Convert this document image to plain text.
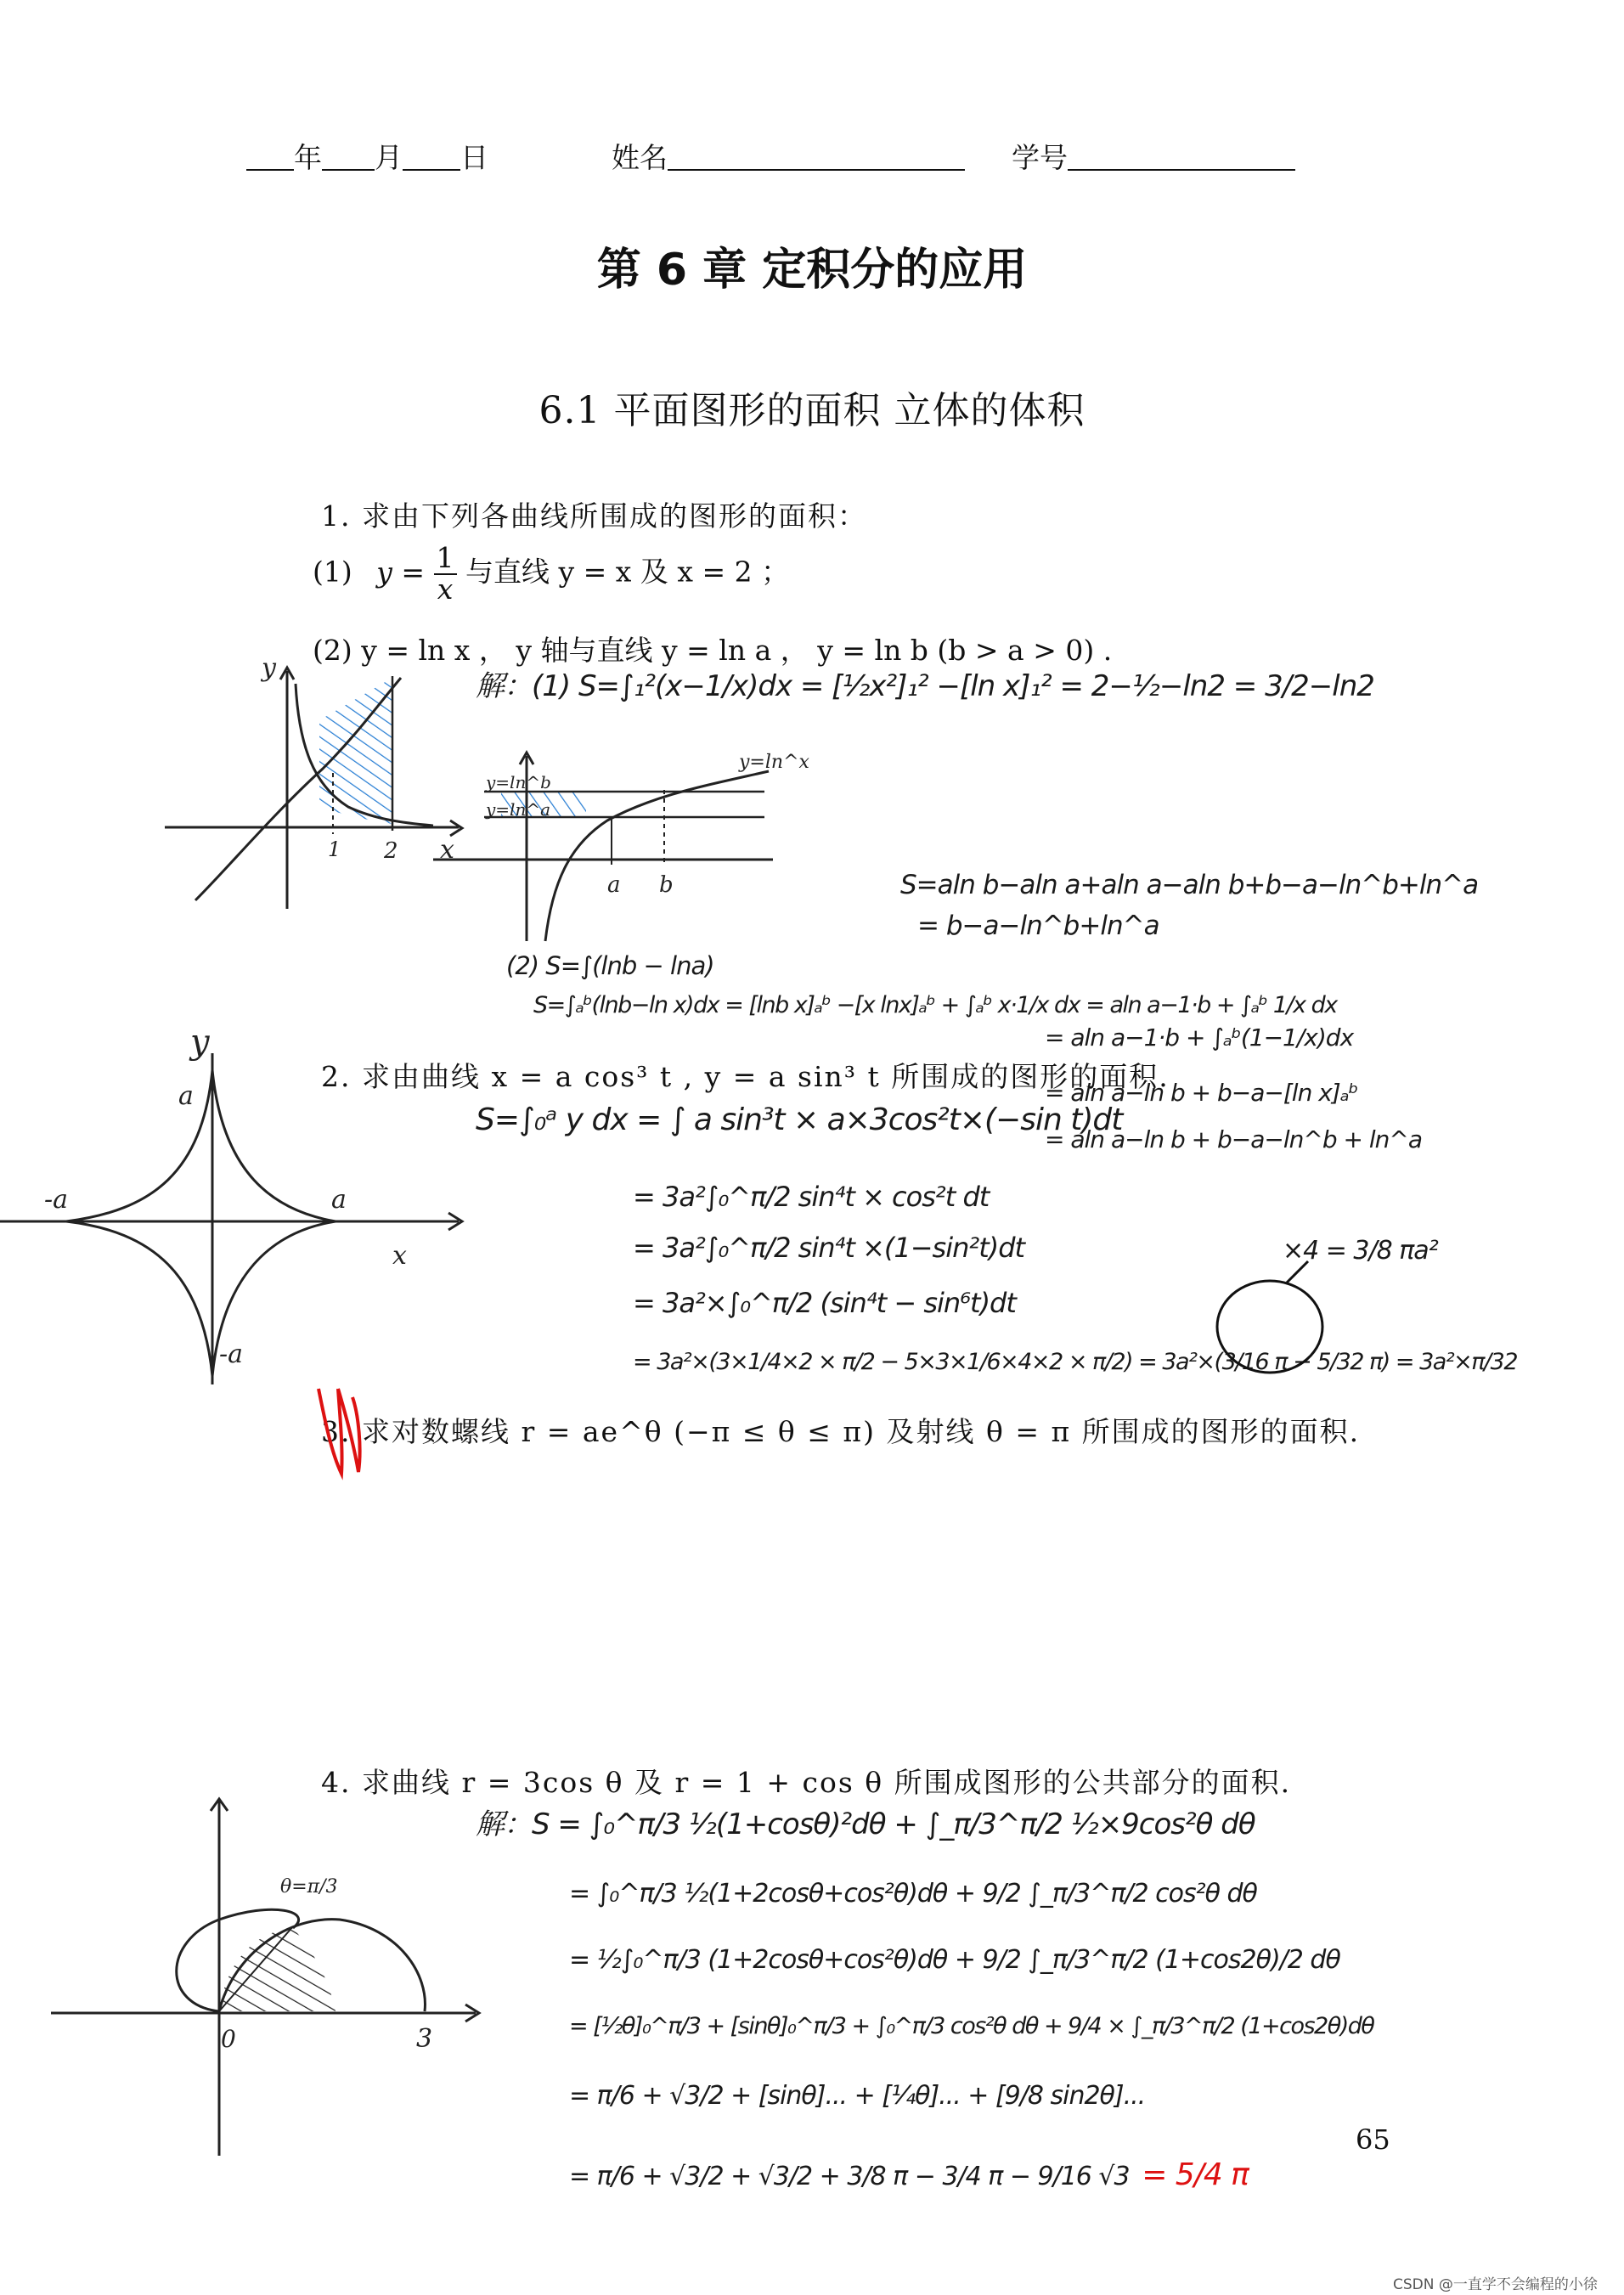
年 月 日	姓名	学号
第 6 章 定积分的应用
6.1 平面图形的面积 立体的体积
1. 求由下列各曲线所围成的图形的面积：
(1) $y = \frac{1}{x}$ 与直线 y = x 及 x = 2 ；
(2) y = ln x ， y 轴与直线 y = ln a ， y = ln b (b > a > 0) .
2. 求由曲线 x = a cos³ t , y = a sin³ t 所围成的图形的面积.
3. 求对数螺线 r = ae^θ (−π ≤ θ ≤ π) 及射线 θ = π 所围成的图形的面积.
4. 求曲线 r = 3cos θ 及 r = 1 + cos θ 所围成图形的公共部分的面积.
y
x
1 2
y=ln^b
y=ln^a
y=ln^x
a b
y
a
-a	a
-a
x
θ=π/3
0	3
解：(1) S=∫₁²(x−1/x)dx = [½x²]₁² −[ln x]₁² = 2−½−ln2 = 3/2−ln2
S=aln b−aln a+aln a−aln b+b−a−ln^b+ln^a
= b−a−ln^b+ln^a
(2) S=∫(lnb − lna)
S=∫ₐᵇ(lnb−ln x)dx = [lnb x]ₐᵇ −[x lnx]ₐᵇ + ∫ₐᵇ x·1/x dx = aln a−1·b + ∫ₐᵇ 1/x dx
= aln a−1·b + ∫ₐᵇ(1−1/x)dx
= aln a−ln b + b−a−[ln x]ₐᵇ
= aln a−ln b + b−a−ln^b + ln^a
S=∫₀ᵃ y dx = ∫ a sin³t × a×3cos²t×(−sin t)dt
= 3a²∫₀^π/2 sin⁴t × cos²t dt
= 3a²∫₀^π/2 sin⁴t ×(1−sin²t)dt
= 3a²×∫₀^π/2 (sin⁴t − sin⁶t)dt
= 3a²×(3×1/4×2 × π/2 − 5×3×1/6×4×2 × π/2) = 3a²×(3/16 π − 5/32 π) = 3a²×π/32
×4 = 3/8 πa²
解：S = ∫₀^π/3 ½(1+cosθ)²dθ + ∫_π/3^π/2 ½×9cos²θ dθ
= ∫₀^π/3 ½(1+2cosθ+cos²θ)dθ + 9/2 ∫_π/3^π/2 cos²θ dθ
= ½∫₀^π/3 (1+2cosθ+cos²θ)dθ + 9/2 ∫_π/3^π/2 (1+cos2θ)/2 dθ
= [½θ]₀^π/3 + [sinθ]₀^π/3 + ∫₀^π/3 cos²θ dθ + 9/4 × ∫_π/3^π/2 (1+cos2θ)dθ
= π/6 + √3/2 + [sinθ]... + [¼θ]... + [9/8 sin2θ]...
= π/6 + √3/2 + √3/2 + 3/8 π − 3/4 π − 9/16 √3 = 5/4 π
65
CSDN @一直学不会编程的小徐
